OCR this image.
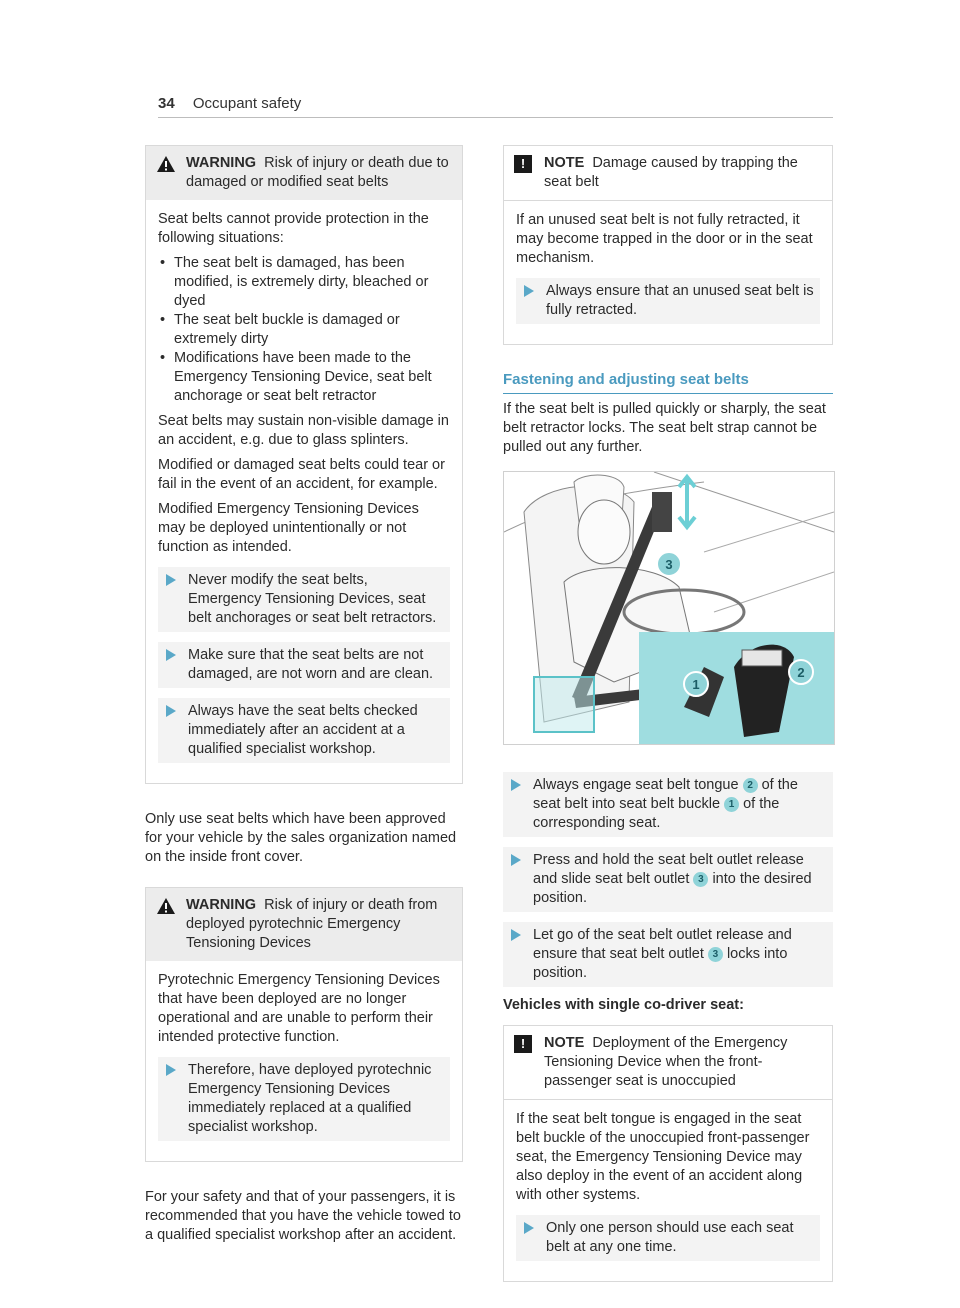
34 Occupant safety
WARNING Risk of injury or death due to damaged or modified seat belts

Seat belts cannot provide protection in the following situations:

• The seat belt is damaged, has been modified, is extremely dirty, bleached or dyed
• The seat belt buckle is damaged or extremely dirty
• Modifications have been made to the Emergency Tensioning Device, seat belt anchorage or seat belt retractor

Seat belts may sustain non-visible damage in an accident, e.g. due to glass splinters.

Modified or damaged seat belts could tear or fail in the event of an accident, for example.

Modified Emergency Tensioning Devices may be deployed unintentionally or not function as intended.

Never modify the seat belts, Emergency Tensioning Devices, seat belt anchorages or seat belt retractors.
Make sure that the seat belts are not damaged, are not worn and are clean.
Always have the seat belts checked immediately after an accident at a qualified specialist workshop.

Only use seat belts which have been approved for your vehicle by the sales organization named on the inside front cover.

WARNING Risk of injury or death from deployed pyrotechnic Emergency Tensioning Devices

Pyrotechnic Emergency Tensioning Devices that have been deployed are no longer operational and are unable to perform their intended protective function.

Therefore, have deployed pyrotechnic Emergency Tensioning Devices immediately replaced at a qualified specialist workshop.

For your safety and that of your passengers, it is recommended that you have the vehicle towed to a qualified specialist workshop after an accident.

!	NOTE Damage caused by trapping the seat belt

If an unused seat belt is not fully retracted, it may become trapped in the door or in the seat mechanism.

Always ensure that an unused seat belt is fully retracted.
Fastening and adjusting seat belts

If the seat belt is pulled quickly or sharply, the seat belt retractor locks. The seat belt strap cannot be pulled out any further.

3
1
2
Always engage seat belt tongue 2 of the seat belt into seat belt buckle 1 of the corresponding seat.
Press and hold the seat belt outlet release and slide seat belt outlet 3 into the desired position.
Let go of the seat belt outlet release and ensure that seat belt outlet 3 locks into position.
Vehicles with single co-driver seat:
!	NOTE Deployment of the Emergency Tensioning Device when the front-passenger seat is unoccupied

If the seat belt tongue is engaged in the seat belt buckle of the unoccupied front-passenger seat, the Emergency Tensioning Device may also deploy in the event of an accident along with other systems.

Only one person should use each seat belt at any one time.
